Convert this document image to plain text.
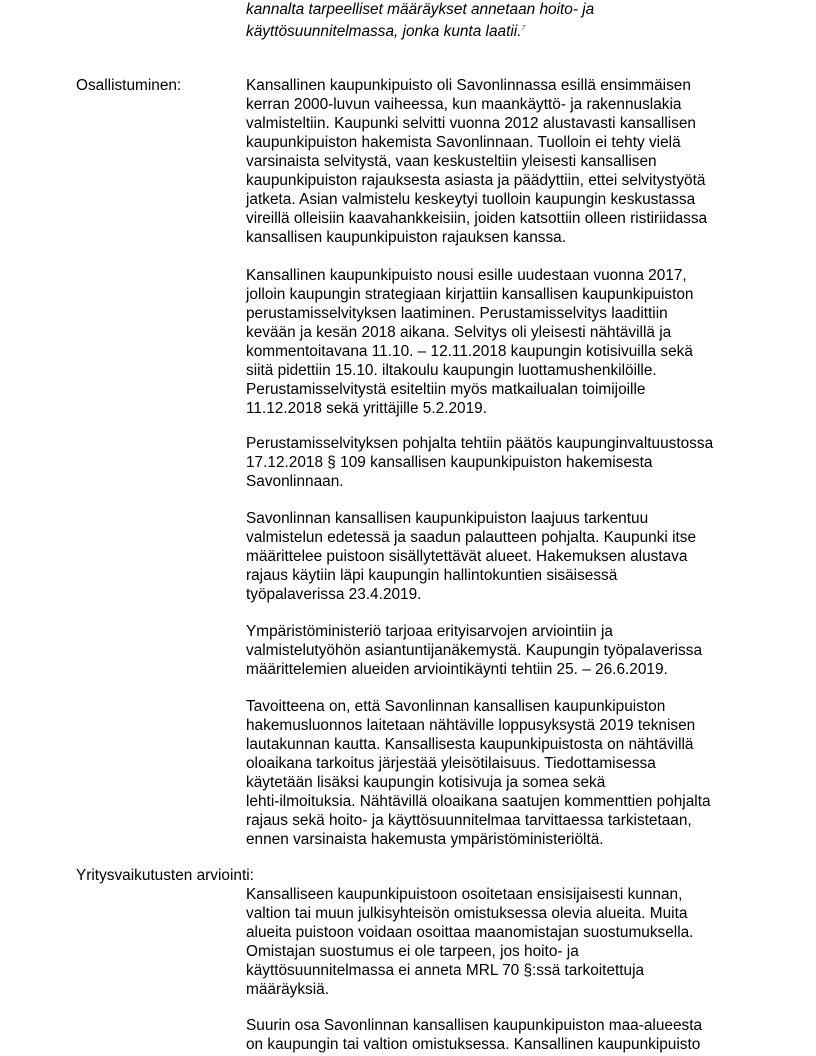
kannalta tarpeelliset määräykset annetaan hoito- ja
käyttösuunnitelmassa, jonka kunta laatii.$^7$
Osallistuminen:	Kansallinen kaupunkipuisto oli Savonlinnassa esillä ensimmäisen
kerran 2000-luvun vaiheessa, kun maankäyttö- ja rakennuslakia
valmisteltiin. Kaupunki selvitti vuonna 2012 alustavasti kansallisen
kaupunkipuiston hakemista Savonlinnaan. Tuolloin ei tehty vielä
varsinaista selvitystä, vaan keskusteltiin yleisesti kansallisen
kaupunkipuiston rajauksesta asiasta ja päädyttiin, ettei selvitystyötä
jatketa. Asian valmistelu keskeytyi tuolloin kaupungin keskustassa
vireillä olleisiin kaavahankkeisiin, joiden katsottiin olleen ristiriidassa
kansallisen kaupunkipuiston rajauksen kanssa.
Kansallinen kaupunkipuisto nousi esille uudestaan vuonna 2017,
jolloin kaupungin strategiaan kirjattiin kansallisen kaupunkipuiston
perustamisselvityksen laatiminen. Perustamisselvitys laadittiin
kevään ja kesän 2018 aikana. Selvitys oli yleisesti nähtävillä ja
kommentoitavana 11.10. – 12.11.2018 kaupungin kotisivuilla sekä
siitä pidettiin 15.10. iltakoulu kaupungin luottamushenkilöille.
Perustamisselvitystä esiteltiin myös matkailualan toimijoille
11.12.2018 sekä yrittäjille 5.2.2019.
Perustamisselvityksen pohjalta tehtiin päätös kaupunginvaltuustossa
17.12.2018 § 109 kansallisen kaupunkipuiston hakemisesta
Savonlinnaan.
Savonlinnan kansallisen kaupunkipuiston laajuus tarkentuu
valmistelun edetessä ja saadun palautteen pohjalta. Kaupunki itse
määrittelee puistoon sisällytettävät alueet. Hakemuksen alustava
rajaus käytiin läpi kaupungin hallintokuntien sisäisessä
työpalaverissa 23.4.2019.
Ympäristöministeriö tarjoaa erityisarvojen arviointiin ja
valmistelutyöhön asiantuntijanäkemystä. Kaupungin työpalaverissa
määrittelemien alueiden arviointikäynti tehtiin 25. – 26.6.2019.
Tavoitteena on, että Savonlinnan kansallisen kaupunkipuiston
hakemusluonnos laitetaan nähtäville loppusyksystä 2019 teknisen
lautakunnan kautta. Kansallisesta kaupunkipuistosta on nähtävillä
oloaikana tarkoitus järjestää yleisötilaisuus. Tiedottamisessa
käytetään lisäksi kaupungin kotisivuja ja somea sekä
lehti-ilmoituksia. Nähtävillä oloaikana saatujen kommenttien pohjalta
rajaus sekä hoito- ja käyttösuunnitelmaa tarvittaessa tarkistetaan,
ennen varsinaista hakemusta ympäristöministeriöltä.
Yritysvaikutusten arviointi:
Kansalliseen kaupunkipuistoon osoitetaan ensisijaisesti kunnan,
valtion tai muun julkisyhteisön omistuksessa olevia alueita. Muita
alueita puistoon voidaan osoittaa maanomistajan suostumuksella.
Omistajan suostumus ei ole tarpeen, jos hoito- ja
käyttösuunnitelmassa ei anneta MRL 70 §:ssä tarkoitettuja
määräyksiä.
Suurin osa Savonlinnan kansallisen kaupunkipuiston maa-alueesta
on kaupungin tai valtion omistuksessa. Kansallinen kaupunkipuisto
